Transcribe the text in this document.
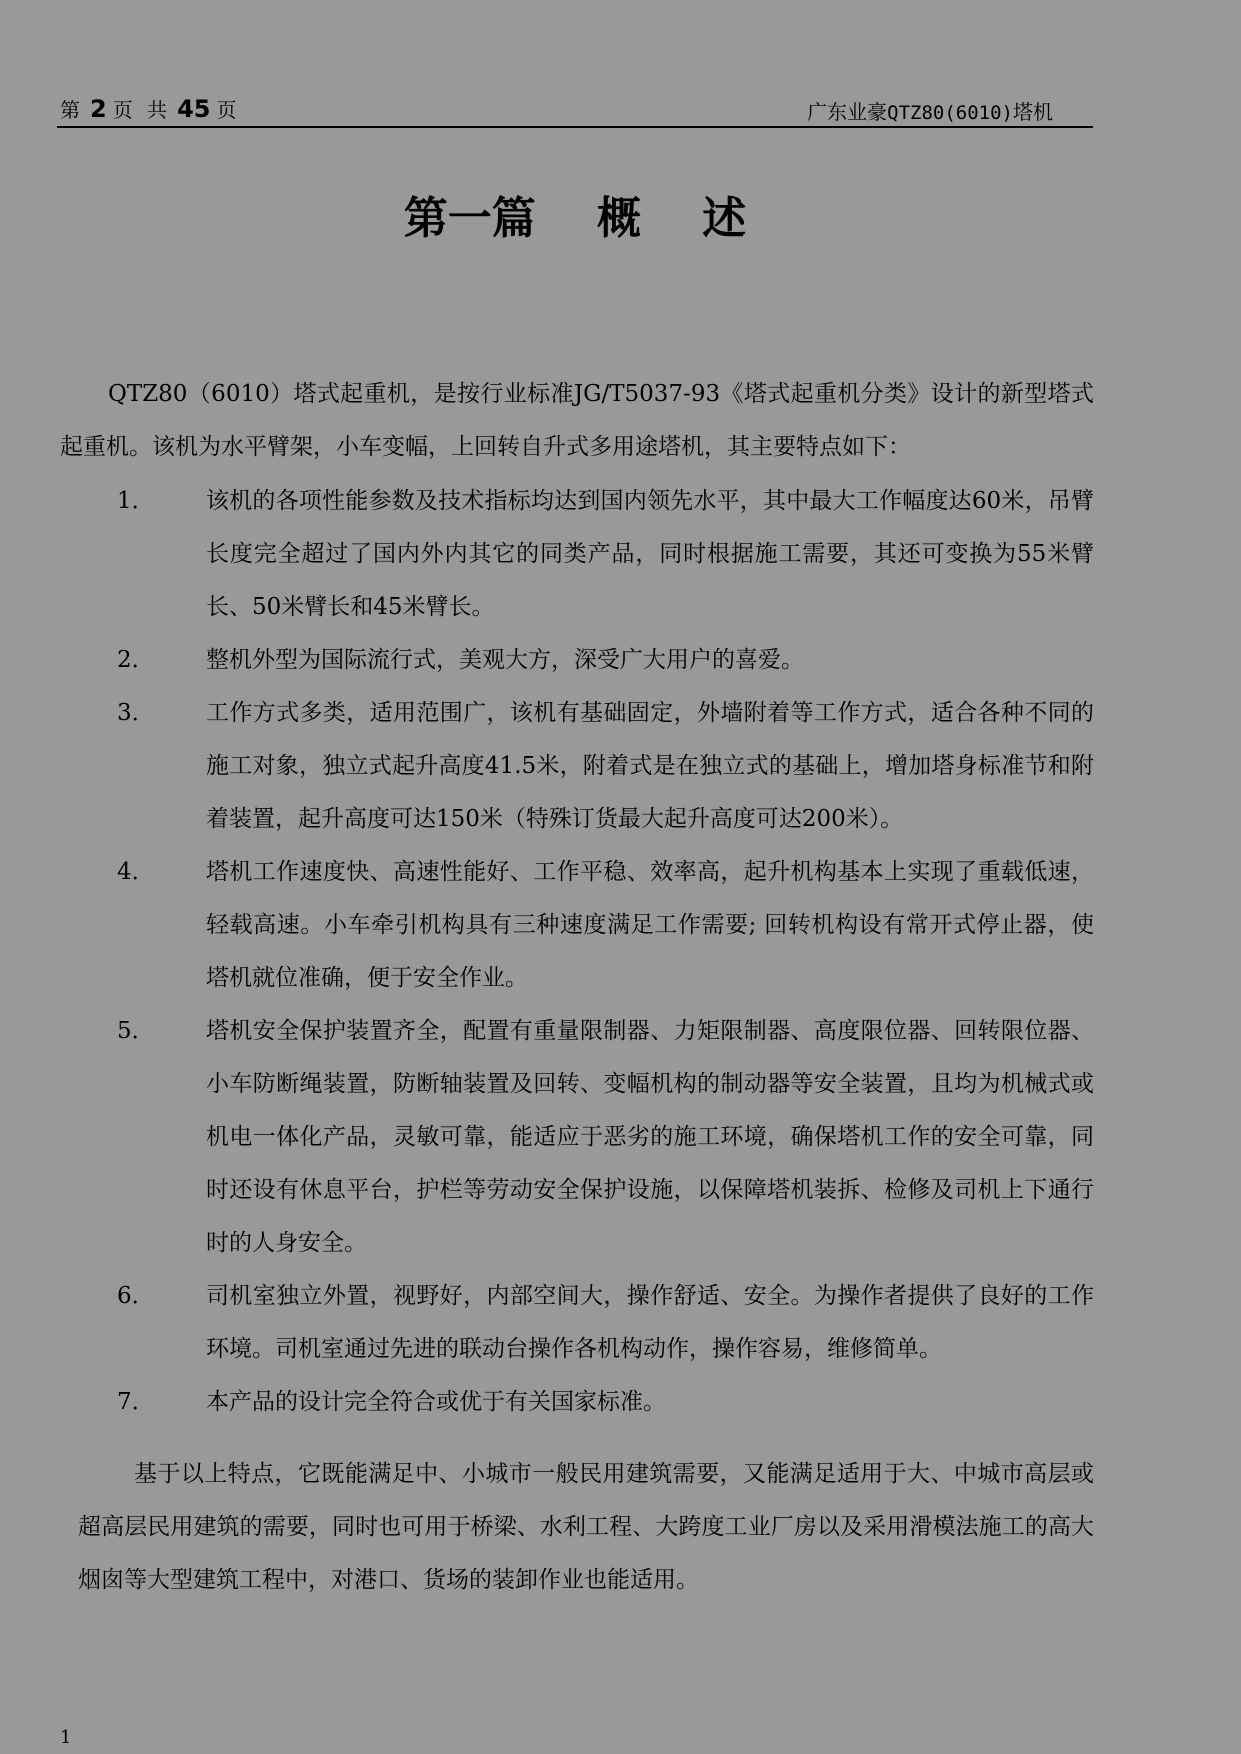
第 2 页 共 45 页	广东业豪QTZ80(6010)塔机
第一篇    概    述

QTZ80（6010）塔式起重机，是按行业标准JG/T5037-93《塔式起重机分类》设计的新型塔式起重机。该机为水平臂架，小车变幅，上回转自升式多用途塔机，其主要特点如下：

1． 该机的各项性能参数及技术指标均达到国内领先水平，其中最大工作幅度达60米，吊臂长度完全超过了国内外内其它的同类产品，同时根据施工需要，其还可变换为55米臂长、50米臂长和45米臂长。
2． 整机外型为国际流行式，美观大方，深受广大用户的喜爱。
3． 工作方式多类，适用范围广，该机有基础固定，外墙附着等工作方式，适合各种不同的施工对象，独立式起升高度41.5米，附着式是在独立式的基础上，增加塔身标准节和附着装置，起升高度可达150米（特殊订货最大起升高度可达200米）。
4． 塔机工作速度快、高速性能好、工作平稳、效率高，起升机构基本上实现了重载低速，轻载高速。小车牵引机构具有三种速度满足工作需要; 回转机构设有常开式停止器，使塔机就位准确，便于安全作业。
5． 塔机安全保护装置齐全，配置有重量限制器、力矩限制器、高度限位器、回转限位器、小车防断绳装置，防断轴装置及回转、变幅机构的制动器等安全装置，且均为机械式或机电一体化产品，灵敏可靠，能适应于恶劣的施工环境，确保塔机工作的安全可靠，同时还设有休息平台，护栏等劳动安全保护设施，以保障塔机装拆、检修及司机上下通行时的人身安全。
6． 司机室独立外置，视野好，内部空间大，操作舒适、安全。为操作者提供了良好的工作环境。司机室通过先进的联动台操作各机构动作，操作容易，维修简单。
7． 本产品的设计完全符合或优于有关国家标准。

基于以上特点，它既能满足中、小城市一般民用建筑需要，又能满足适用于大、中城市高层或超高层民用建筑的需要，同时也可用于桥梁、水利工程、大跨度工业厂房以及采用滑模法施工的高大烟囱等大型建筑工程中，对港口、货场的装卸作业也能适用。

1
